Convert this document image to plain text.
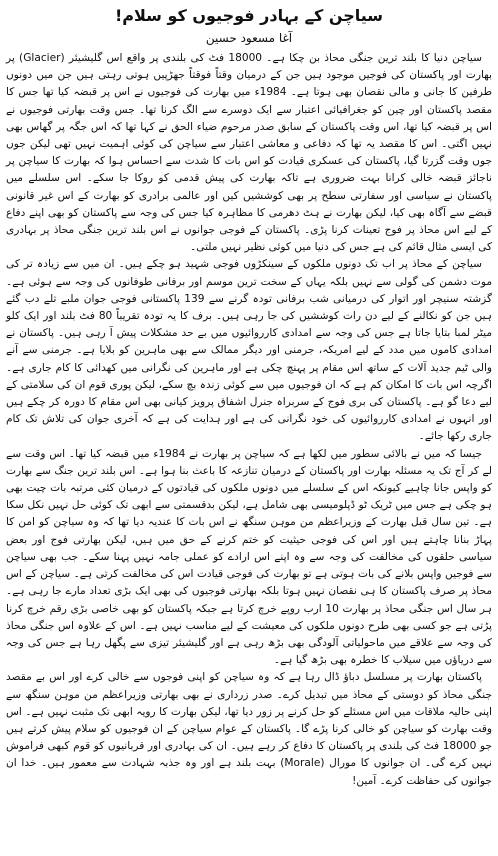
سیاچن کے بہادر فوجیوں کو سلام!
آغا مسعود حسین

سیاچن دنیا کا بلند ترین جنگی محاذ بن چکا ہے۔ 18000 فٹ کی بلندی پر واقع اس گلیشیئر (Glacier) پر بھارت اور پاکستان کی فوجیں موجود ہیں جن کے درمیان وقتاً فوقتاً جھڑپیں ہوتی رہتی ہیں جن میں دونوں طرفین کا جانی و مالی نقصان بھی ہوتا ہے۔ 1984ء میں بھارت کی فوجیوں نے اس پر قبضہ کیا تھا جس کا مقصد پاکستان اور چین کو جغرافیائی اعتبار سے ایک دوسرے سے الگ کرنا تھا۔ جس وقت بھارتی فوجیوں نے اس پر قبضہ کیا تھا، اس وقت پاکستان کے سابق صدر مرحوم ضیاء الحق نے کہا تھا کہ اس جگہ پر گھاس بھی نہیں اگتی۔ اس کا مقصد یہ تھا کہ دفاعی و معاشی اعتبار سے سیاچن کی کوئی اہمیت نہیں تھی لیکن جوں جوں وقت گزرتا گیا، پاکستان کی عسکری قیادت کو اس بات کا شدت سے احساس ہوا کہ بھارت کا سیاچن پر ناجائز قبضہ خالی کرانا بہت ضروری ہے تاکہ بھارت کی پیش قدمی کو روکا جا سکے۔ اس سلسلے میں پاکستان نے سیاسی اور سفارتی سطح پر بھی کوششیں کیں اور عالمی برادری کو بھارت کے اس غیر قانونی قبضے سے آگاہ بھی کیا، لیکن بھارت نے ہٹ دھرمی کا مظاہرہ کیا جس کی وجہ سے پاکستان کو بھی اپنے دفاع کے لیے اس محاذ پر فوج تعینات کرنا پڑی۔ پاکستان کے فوجی جوانوں نے اس بلند ترین جنگی محاذ پر بہادری کی ایسی مثال قائم کی ہے جس کی دنیا میں کوئی نظیر نہیں ملتی۔

سیاچن کے محاذ پر اب تک دونوں ملکوں کے سینکڑوں فوجی شہید ہو چکے ہیں۔ ان میں سے زیادہ تر کی موت دشمن کی گولی سے نہیں بلکہ یہاں کے سخت ترین موسم اور برفانی طوفانوں کی وجہ سے ہوئی ہے۔ گزشتہ سنیچر اور اتوار کی درمیانی شب برفانی تودہ گرنے سے 139 پاکستانی فوجی جوان ملبے تلے دب گئے ہیں جن کو نکالنے کے لیے دن رات کوششیں کی جا رہی ہیں۔ برف کا یہ تودہ تقریباً 80 فٹ بلند اور ایک کلو میٹر لمبا بتایا جاتا ہے جس کی وجہ سے امدادی کارروائیوں میں بے حد مشکلات پیش آ رہی ہیں۔ پاکستان نے امدادی کاموں میں مدد کے لیے امریکہ، جرمنی اور دیگر ممالک سے بھی ماہرین کو بلایا ہے۔ جرمنی سے آنے والی ٹیم جدید آلات کے ساتھ اس مقام پر پہنچ چکی ہے اور ماہرین کی نگرانی میں کھدائی کا کام جاری ہے۔ اگرچہ اس بات کا امکان کم ہے کہ ان فوجیوں میں سے کوئی زندہ بچ سکے، لیکن پوری قوم ان کی سلامتی کے لیے دعا گو ہے۔ پاکستان کی بری فوج کے سربراہ جنرل اشفاق پرویز کیانی بھی اس مقام کا دورہ کر چکے ہیں اور انہوں نے امدادی کارروائیوں کی خود نگرانی کی ہے اور ہدایت کی ہے کہ آخری جوان کی تلاش تک کام جاری رکھا جائے۔

جیسا کہ میں نے بالائی سطور میں لکھا ہے کہ سیاچن پر بھارت نے 1984ء میں قبضہ کیا تھا۔ اس وقت سے لے کر آج تک یہ مسئلہ بھارت اور پاکستان کے درمیان تنازعہ کا باعث بنا ہوا ہے۔ اس بلند ترین جنگ سے بھارت کو واپس جانا چاہیے کیونکہ اس کے سلسلے میں دونوں ملکوں کی قیادتوں کے درمیان کئی مرتبہ بات چیت بھی ہو چکی ہے جس میں ٹریک ٹو ڈپلومیسی بھی شامل ہے، لیکن بدقسمتی سے ابھی تک کوئی حل نہیں نکل سکا ہے۔ تین سال قبل بھارت کے وزیراعظم من موہن سنگھ نے اس بات کا عندیہ دیا تھا کہ وہ سیاچن کو امن کا پہاڑ بنانا چاہتے ہیں اور اس کی فوجی حیثیت کو ختم کرنے کے حق میں ہیں، لیکن بھارتی فوج اور بعض سیاسی حلقوں کی مخالفت کی وجہ سے وہ اپنے اس ارادے کو عملی جامہ نہیں پہنا سکے۔ جب بھی سیاچن سے فوجیں واپس بلانے کی بات ہوتی ہے تو بھارت کی فوجی قیادت اس کی مخالفت کرتی ہے۔ سیاچن کے اس محاذ پر صرف پاکستان کا ہی نقصان نہیں ہوتا بلکہ بھارتی فوجیوں کی بھی ایک بڑی تعداد مارے جا رہی ہے۔ ہر سال اس جنگی محاذ پر بھارت 10 ارب روپے خرچ کرتا ہے جبکہ پاکستان کو بھی خاصی بڑی رقم خرچ کرنا پڑتی ہے جو کسی بھی طرح دونوں ملکوں کی معیشت کے لیے مناسب نہیں ہے۔ اس کے علاوہ اس جنگی محاذ کی وجہ سے علاقے میں ماحولیاتی آلودگی بھی بڑھ رہی ہے اور گلیشیئر تیزی سے پگھل رہا ہے جس کی وجہ سے دریاؤں میں سیلاب کا خطرہ بھی بڑھ گیا ہے۔

پاکستان بھارت پر مسلسل دباؤ ڈال رہا ہے کہ وہ سیاچن کو اپنی فوجوں سے خالی کرے اور اس بے مقصد جنگی محاذ کو دوستی کے محاذ میں تبدیل کرے۔ صدر زرداری نے بھی بھارتی وزیراعظم من موہن سنگھ سے اپنی حالیہ ملاقات میں اس مسئلے کو حل کرنے پر زور دیا تھا، لیکن بھارت کا رویہ ابھی تک مثبت نہیں ہے۔ اس وقت بھارت کو سیاچن کو خالی کرنا پڑے گا۔ پاکستان کے عوام سیاچن کے ان فوجیوں کو سلام پیش کرتے ہیں جو 18000 فٹ کی بلندی پر پاکستان کا دفاع کر رہے ہیں۔ ان کی بہادری اور قربانیوں کو قوم کبھی فراموش نہیں کرے گی۔ ان جوانوں کا مورال (Morale) بہت بلند ہے اور وہ جذبہ شہادت سے معمور ہیں۔ خدا ان جوانوں کی حفاظت کرے۔ آمین!
